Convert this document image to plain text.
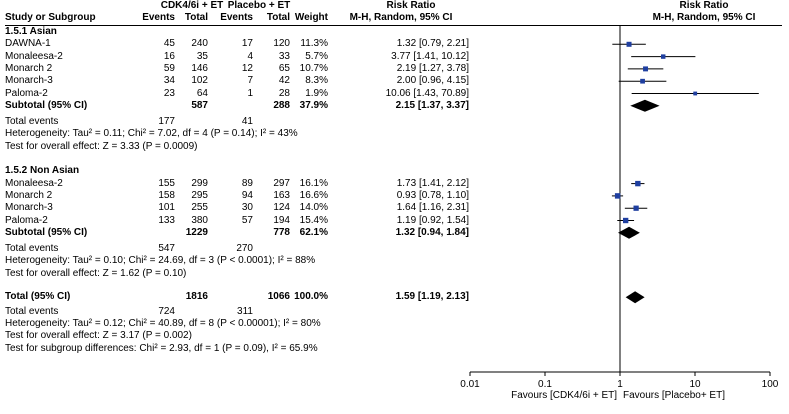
CDK4/6i + ET Placebo + ET	Risk Ratio	Risk Ratio
Study or Subgroup	Events Total	Events	Total Weight	M-H, Random, 95% CI	M-H, Random, 95% CI
1.5.1 Asian
DAWNA-1	45	240	17	120	11.3%	1.32 [0.79, 2.21]
Monaleesa-2	16	35	4	33	5.7%	3.77 [1.41, 10.12]
Monarch 2	59	146	12	65 10.7%	2.19 [1.27, 3.78]
Monarch-3	34	102	7	42	8.3%	2.00 [0.96, 4.15]
Paloma-2	23	64	1	28	1.9%	10.06 [1.43, 70.89]
Subtotal (95% CI)	587	288 37.9%	2.15 [1.37, 3.37]
Total events	177	41
Heterogeneity: Tau² = 0.11; Chi² = 7.02, df = 4 (P = 0.14); I² = 43%
Test for overall effect: Z = 3.33 (P = 0.0009)
1.5.2 Non Asian
Monaleesa-2	155	299	89	297 16.1%	1.73 [1.41, 2.12]
Monarch 2	158	295	94	163 16.6%	0.93 [0.78, 1.10]
Monarch-3	101	255	30	124 14.0%	1.64 [1.16, 2.31]
Paloma-2	133	380	57	194 15.4%	1.19 [0.92, 1.54]
Subtotal (95% CI)	1229	778 62.1%	1.32 [0.94, 1.84]
Total events	547	270
Heterogeneity: Tau² = 0.10; Chi² = 24.69, df = 3 (P < 0.0001); I² = 88%
Test for overall effect: Z = 1.62 (P = 0.10)
Total (95% CI)	1816	1066 100.0%	1.59 [1.19, 2.13]
Total events	724	311
Heterogeneity: Tau² = 0.12; Chi² = 40.89, df = 8 (P < 0.00001); I² = 80%
Test for overall effect: Z = 3.17 (P = 0.002)
Test for subgroup differences: Chi² = 2.93, df = 1 (P = 0.09), I² = 65.9%
0.01	0.1	1	10	100
Favours [CDK4/6i + ET] Favours [Placebo+ ET]
